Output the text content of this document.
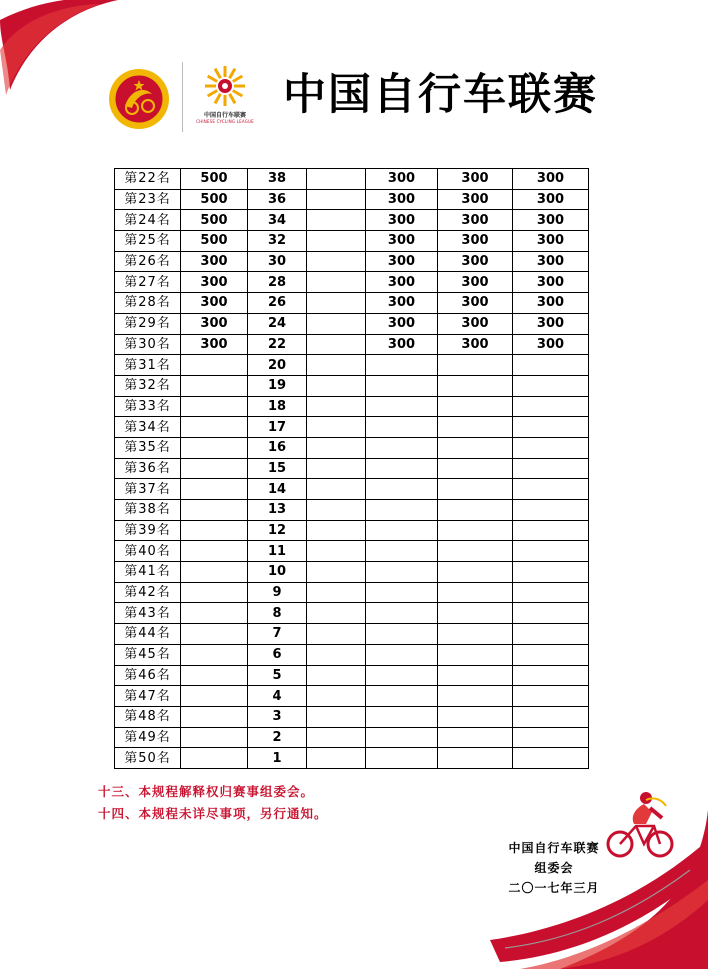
中国自行车联赛
CHINESE CYCLING LEAGUE
中国自行车联赛
第22名	500	38		300	300	300
第23名	500	36		300	300	300
第24名	500	34		300	300	300
第25名	500	32		300	300	300
第26名	300	30		300	300	300
第27名	300	28		300	300	300
第28名	300	26		300	300	300
第29名	300	24		300	300	300
第30名	300	22		300	300	300
第31名		20				
第32名		19				
第33名		18				
第34名		17				
第35名		16				
第36名		15				
第37名		14				
第38名		13				
第39名		12				
第40名		11				
第41名		10				
第42名		9				
第43名		8				
第44名		7				
第45名		6				
第46名		5				
第47名		4				
第48名		3				
第49名		2				
第50名		1				
十三、本规程解释权归赛事组委会。
十四、本规程未详尽事项，另行通知。
中国自行车联赛
组委会
二〇一七年三月
